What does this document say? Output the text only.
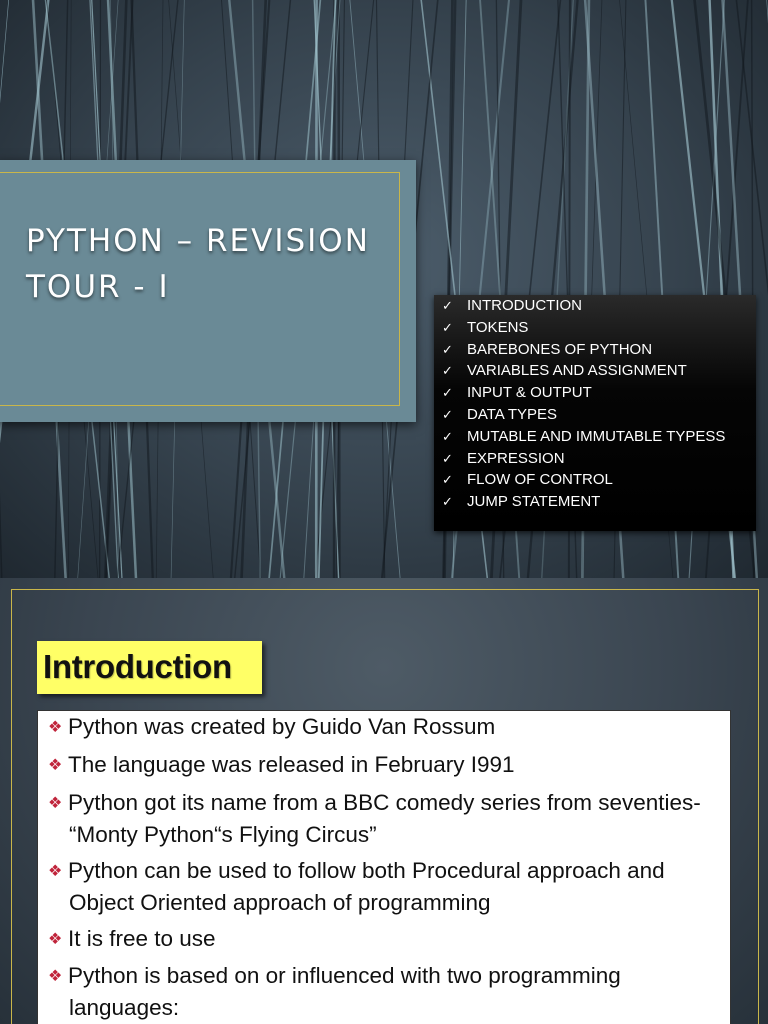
PYTHON – REVISION
TOUR - I
✓ INTRODUCTION
✓ TOKENS
✓ BAREBONES OF PYTHON
✓ VARIABLES AND ASSIGNMENT
✓ INPUT & OUTPUT
✓ DATA TYPES
✓ MUTABLE AND IMMUTABLE TYPESS
✓ EXPRESSION
✓ FLOW OF CONTROL
✓ JUMP STATEMENT
Introduction
❖ Python was created by Guido Van Rossum
❖ The language was released in February I991
❖ Python got its name from a BBC comedy series from seventies-
“Monty Python“s Flying Circus”
❖ Python can be used to follow both Procedural approach and
Object Oriented approach of programming
❖ It is free to use
❖ Python is based on or influenced with two programming
languages:
